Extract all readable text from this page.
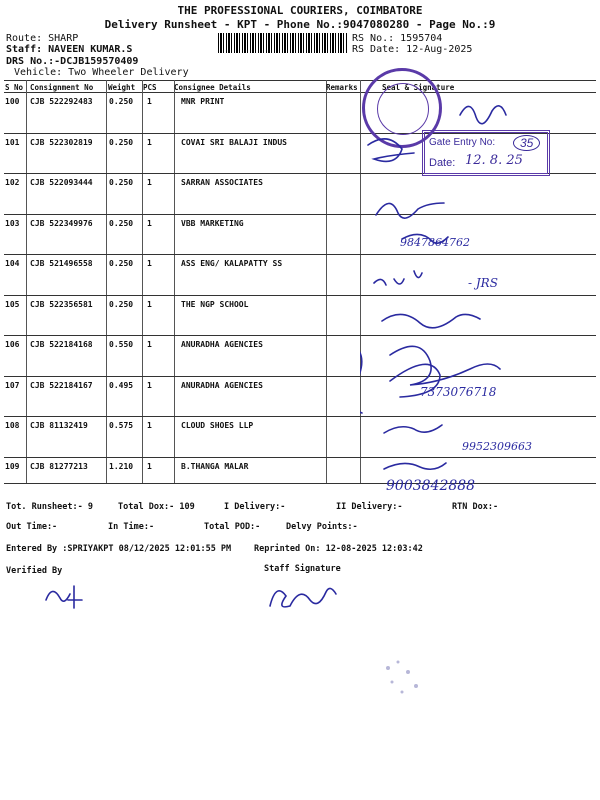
THE PROFESSIONAL COURIERS, COIMBATORE
Delivery Runsheet - KPT - Phone No.:9047080280 - Page No.:9
Route: SHARP
Staff: NAVEEN KUMAR.S
DRS No.:-DCJB159570409
Vehicle: Two Wheeler Delivery
RS No.: 1595704
RS Date: 12-Aug-2025
S No Consignment No Weight PCS Consignee Details	Remarks	Seal & Signature
100 CJB 522292483 0.250 1	MNR PRINT
101 CJB 522302819 0.250 1	COVAI SRI BALAJI INDUS
102 CJB 522093444 0.250 1	SARRAN ASSOCIATES
103 CJB 522349976 0.250 1	VBB MARKETING
104 CJB 521496558 0.250 1	ASS ENG/ KALAPATTY SS
105 CJB 522356581 0.250 1	THE NGP SCHOOL
106 CJB 522184168 0.550 1	ANURADHA AGENCIES
107 CJB 522184167 0.495 1	ANURADHA AGENCIES
108 CJB 81132419	0.575 1	CLOUD SHOES LLP
109 CJB 81277213	1.210 1	B.THANGA MALAR
Gate Entry No:	35
Date: 12. 8. 25
9847864762
- JRS
7373076718
9952309663
9003842888
Tot. Runsheet:- 9	Total Dox:- 109	I Delivery:-	II Delivery:-	RTN Dox:-
Out Time:-	In Time:-	Total POD:-	Delvy Points:-
Entered By :SPRIYAKPT 08/12/2025 12:01:55 PM	Reprinted On: 12-08-2025 12:03:42
Verified By	Staff Signature
